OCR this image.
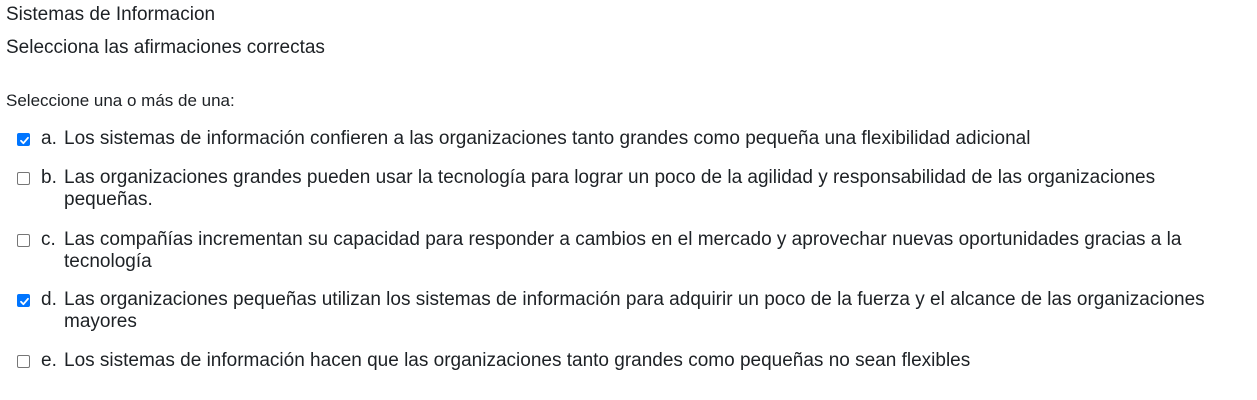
Sistemas de Informacion
Selecciona las afirmaciones correctas
Seleccione una o más de una:
a. Los sistemas de información confieren a las organizaciones tanto grandes como pequeña una flexibilidad adicional
b. Las organizaciones grandes pueden usar la tecnología para lograr un poco de la agilidad y responsabilidad de las organizaciones pequeñas.
c. Las compañías incrementan su capacidad para responder a cambios en el mercado y aprovechar nuevas oportunidades gracias a la tecnología
d. Las organizaciones pequeñas utilizan los sistemas de información para adquirir un poco de la fuerza y el alcance de las organizaciones mayores
e. Los sistemas de información hacen que las organizaciones tanto grandes como pequeñas no sean flexibles
